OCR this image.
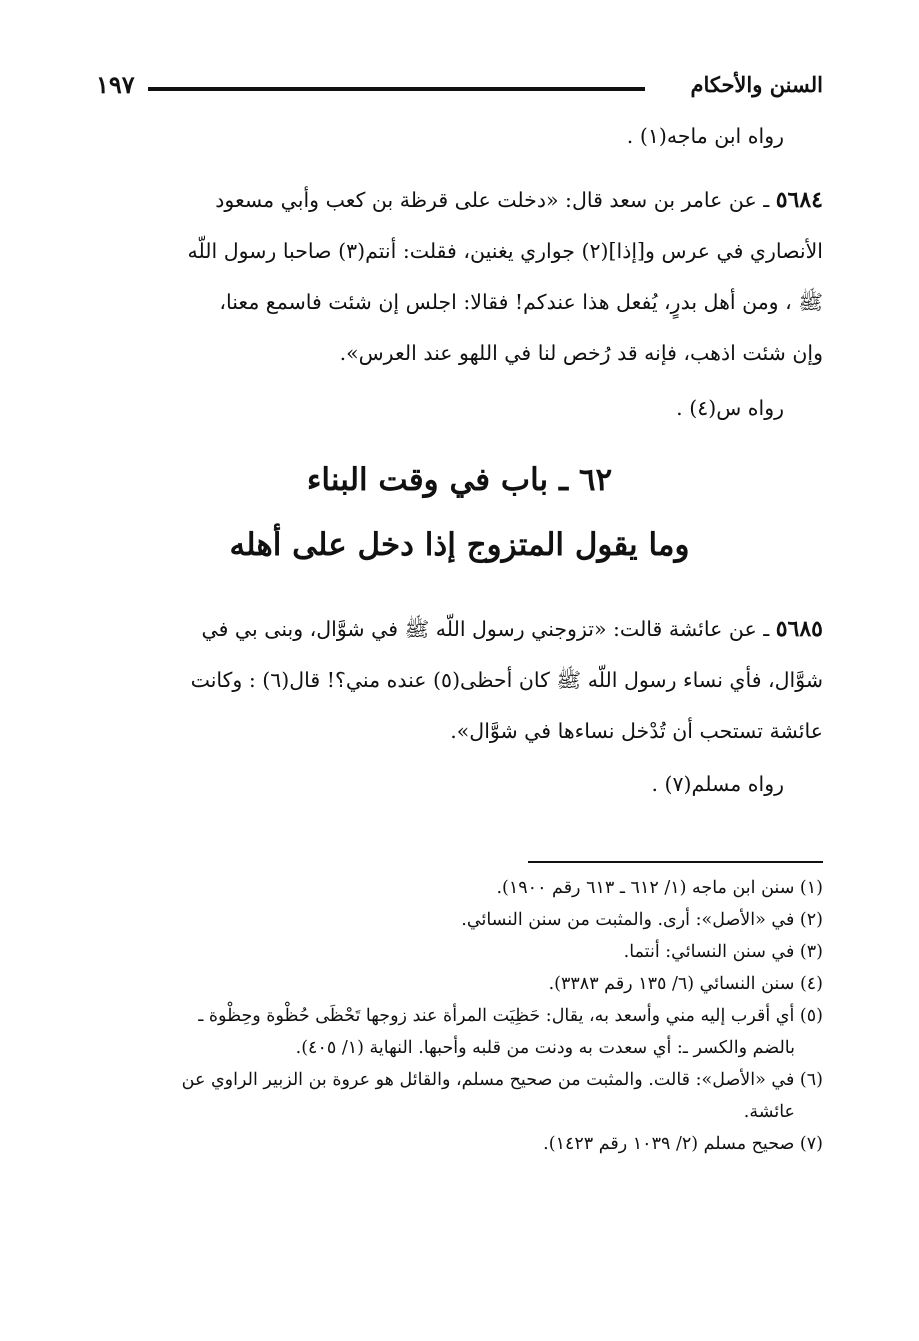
السنن والأحكام
١٩٧
رواه ابن ماجه(١) .
٥٦٨٤ ـ عن عامر بن سعد قال: «دخلت على قرظة بن كعب وأبي مسعود
الأنصاري في عرس و[إذا](٢) جواري يغنين، فقلت: أنتم(٣) صاحبا رسول اللّه
ﷺ ، ومن أهل بدرٍ، يُفعل هذا عندكم! فقالا: اجلس إن شئت فاسمع معنا،
وإن شئت اذهب، فإنه قد رُخص لنا في اللهو عند العرس».
رواه س(٤) .
٦٢ ـ باب في وقت البناء
وما يقول المتزوج إذا دخل على أهله
٥٦٨٥ ـ عن عائشة قالت: «تزوجني رسول اللّه ﷺ في شوَّال، وبنى بي في
شوَّال، فأي نساء رسول اللّه ﷺ كان أحظى(٥) عنده مني؟! قال(٦) : وكانت
عائشة تستحب أن تُدْخل نساءها في شوَّال».
رواه مسلم(٧) .
(١) سنن ابن ماجه (١/ ٦١٢ ـ ٦١٣ رقم ١٩٠٠).
(٢) في «الأصل»: أرى. والمثبت من سنن النسائي.
(٣) في سنن النسائي: أنتما.
(٤) سنن النسائي (٦/ ١٣٥ رقم ٣٣٨٣).
(٥) أي أقرب إليه مني وأسعد به، يقال: حَظِيَت المرأة عند زوجها تَحْظَى حُظْوة وحِظْوة ـ
بالضم والكسر ـ: أي سعدت به ودنت من قلبه وأحبها. النهاية (١/ ٤٠٥).
(٦) في «الأصل»: قالت. والمثبت من صحيح مسلم، والقائل هو عروة بن الزبير الراوي عن
عائشة.
(٧) صحيح مسلم (٢/ ١٠٣٩ رقم ١٤٢٣).
